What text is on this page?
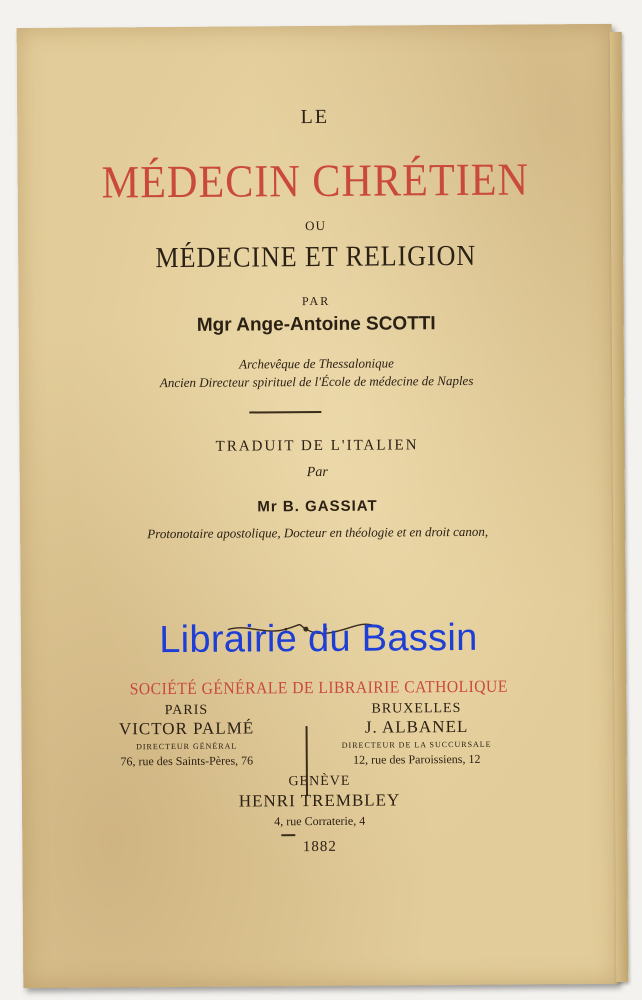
LE
MÉDECIN CHRÉTIEN
OU
MÉDECINE ET RELIGION
PAR
Mgr Ange-Antoine SCOTTI
Archevêque de Thessalonique
Ancien Directeur spirituel de l'École de médecine de Naples
TRADUIT DE L'ITALIEN
Par
Mr B. GASSIAT
Protonotaire apostolique, Docteur en théologie et en droit canon,
Librairie du Bassin
SOCIÉTÉ GÉNÉRALE DE LIBRAIRIE CATHOLIQUE
PARIS
VICTOR PALMÉ
DIRECTEUR GÉNÉRAL
76, rue des Saints-Pères, 76
BRUXELLES
J. ALBANEL
DIRECTEUR DE LA SUCCURSALE
12, rue des Paroissiens, 12
GENÈVE
HENRI TREMBLEY
4, rue Corraterie, 4
1882
